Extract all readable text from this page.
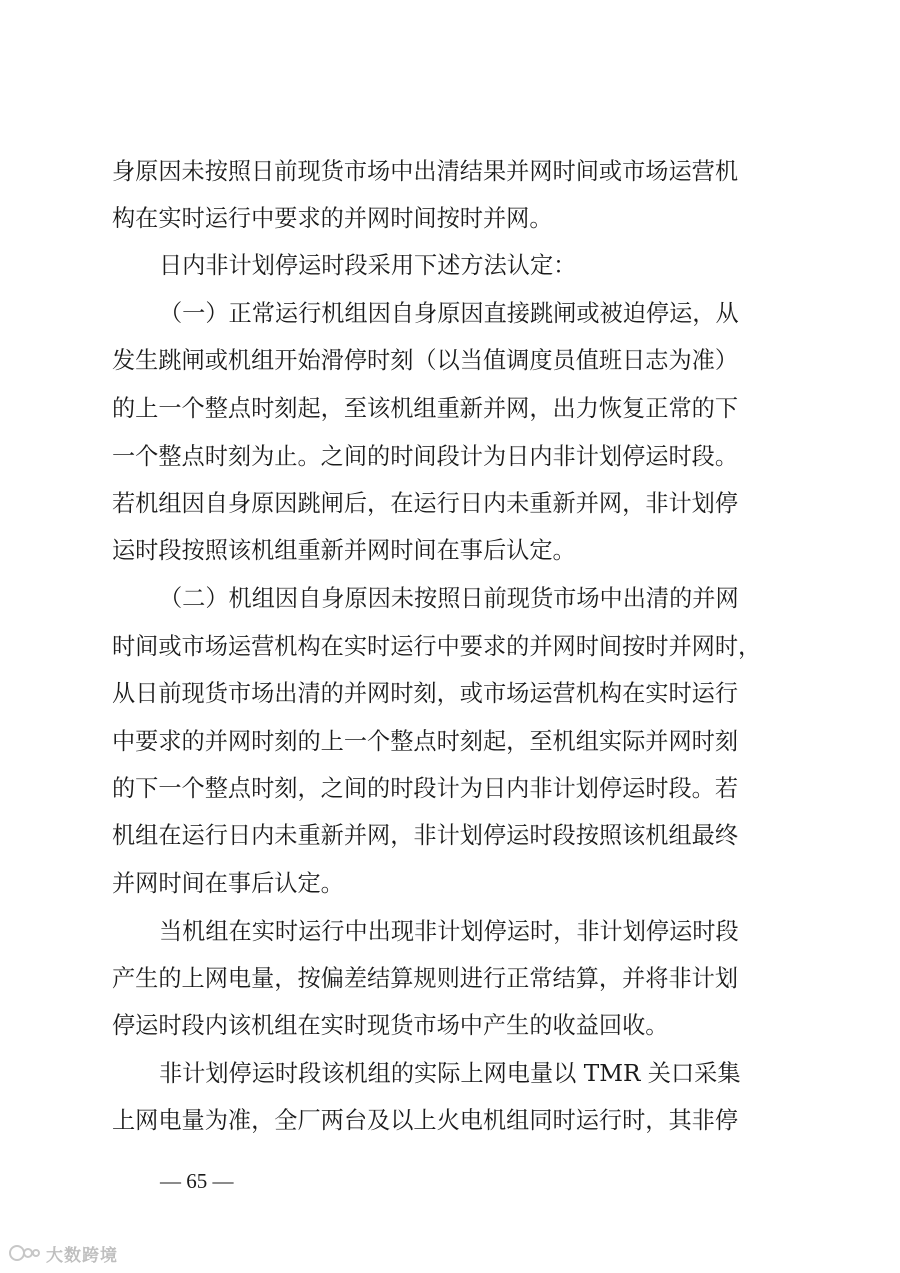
身原因未按照日前现货市场中出清结果并网时间或市场运营机
构在实时运行中要求的并网时间按时并网。
日内非计划停运时段采用下述方法认定：
（一）正常运行机组因自身原因直接跳闸或被迫停运，从
发生跳闸或机组开始滑停时刻（以当值调度员值班日志为准）
的上一个整点时刻起，至该机组重新并网，出力恢复正常的下
一个整点时刻为止。之间的时间段计为日内非计划停运时段。
若机组因自身原因跳闸后，在运行日内未重新并网，非计划停
运时段按照该机组重新并网时间在事后认定。
（二）机组因自身原因未按照日前现货市场中出清的并网
时间或市场运营机构在实时运行中要求的并网时间按时并网时，
从日前现货市场出清的并网时刻，或市场运营机构在实时运行
中要求的并网时刻的上一个整点时刻起，至机组实际并网时刻
的下一个整点时刻，之间的时段计为日内非计划停运时段。若
机组在运行日内未重新并网，非计划停运时段按照该机组最终
并网时间在事后认定。
当机组在实时运行中出现非计划停运时，非计划停运时段
产生的上网电量，按偏差结算规则进行正常结算，并将非计划
停运时段内该机组在实时现货市场中产生的收益回收。
非计划停运时段该机组的实际上网电量以 TMR 关口采集
上网电量为准，全厂两台及以上火电机组同时运行时，其非停
— 65 —
大数跨境
